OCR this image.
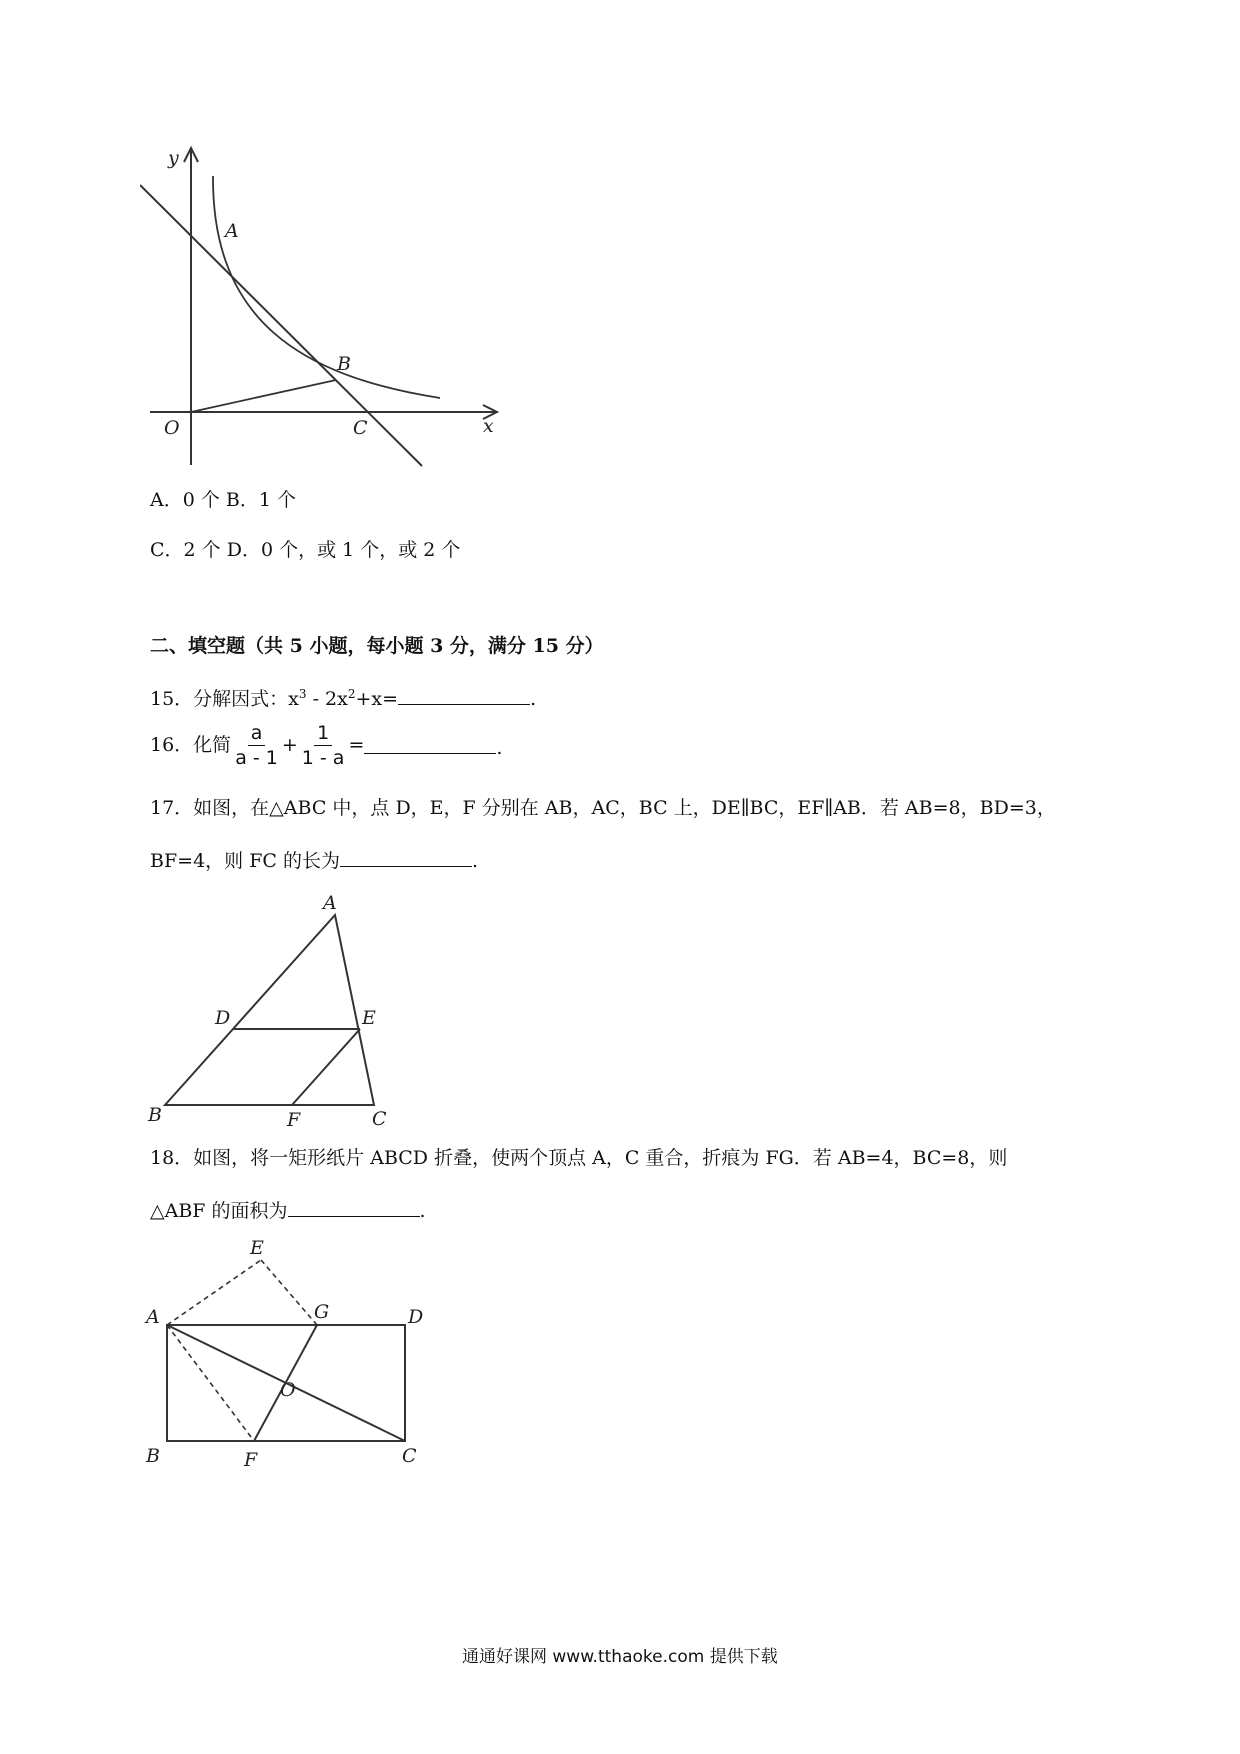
y
x
O
A
B
C
A．0 个 B．1 个
C．2 个 D．0 个，或 1 个，或 2 个
二、填空题（共 5 小题，每小题 3 分，满分 15 分）
15．分解因式：$x^3$ ‐ $2x^2+x=$	.
16．化简 $\frac{a}{a - 1} + \frac{1}{1 - a}$ =	.
17．如图，在△ABC 中，点 D，E，F 分别在 AB，AC，BC 上，DE∥BC，EF∥AB．若 AB=8，BD=3，
BF=4，则 FC 的长为	.
A
B	C
D	E
F
18．如图，将一矩形纸片 ABCD 折叠，使两个顶点 A，C 重合，折痕为 FG．若 AB=4，BC=8，则
△ABF 的面积为	.
E
A	G	D
O
B	F	C
通通好课网 www.tthaoke.com 提供下载
